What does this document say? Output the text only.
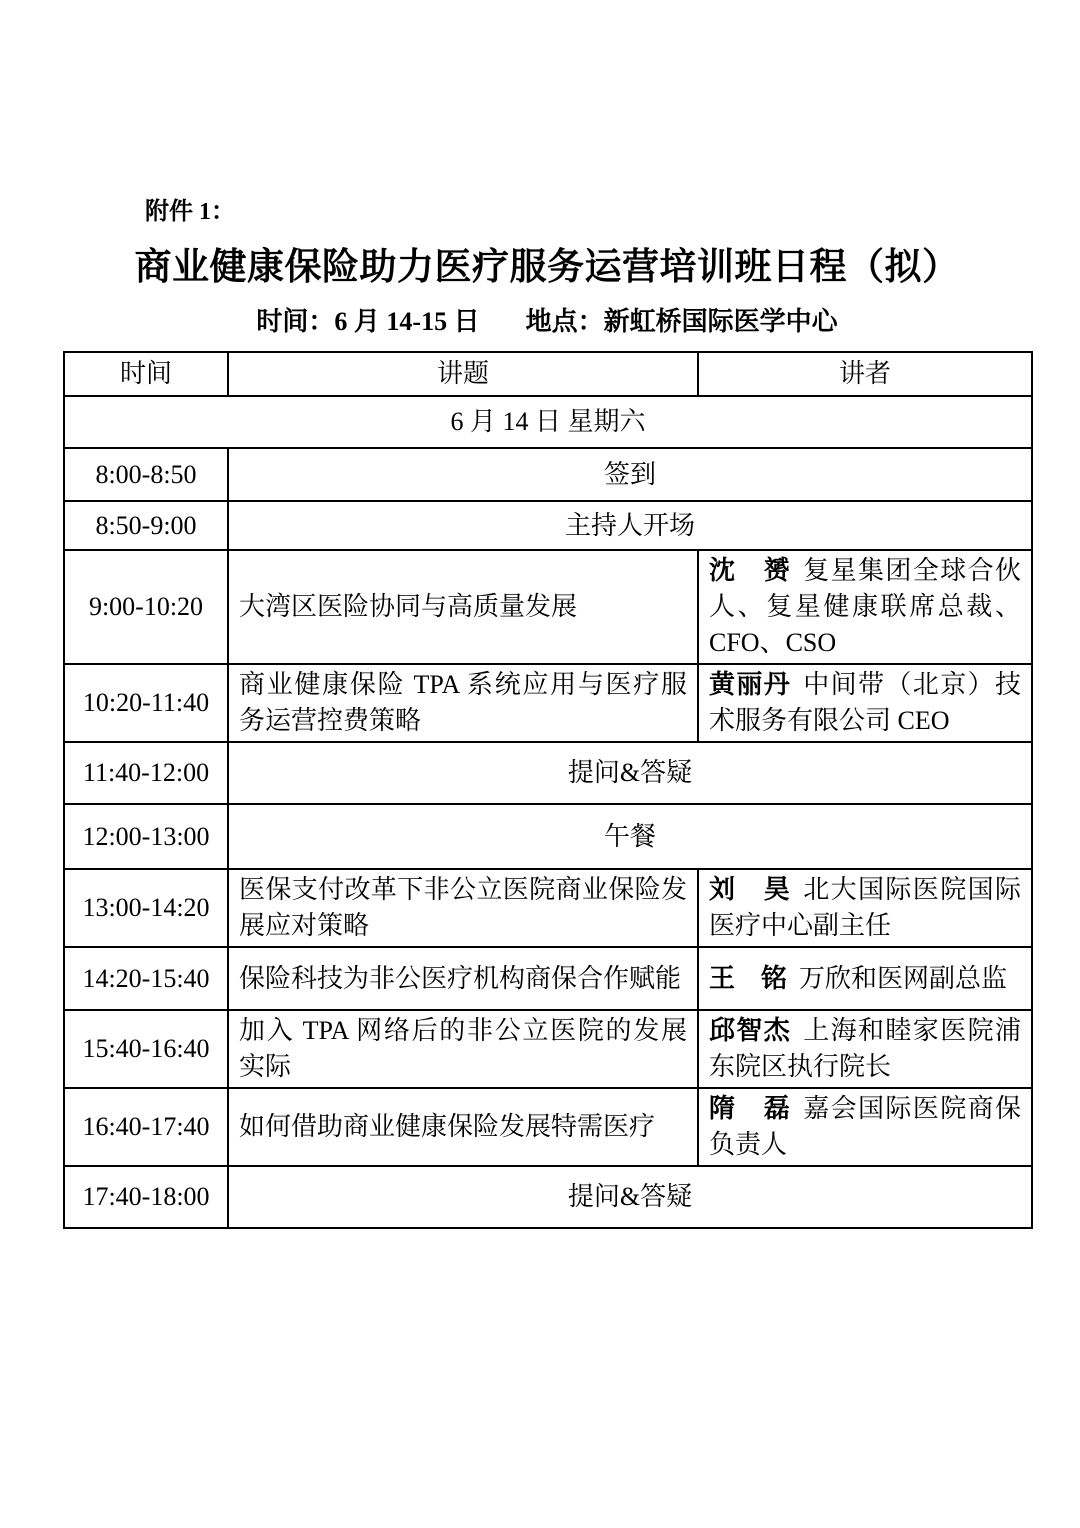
附件 1：
商业健康保险助力医疗服务运营培训班日程（拟）
时间：6 月 14-15 日 地点：新虹桥国际医学中心
时间	讲题	讲者
6 月 14 日 星期六		
8:00-8:50	签到	
8:50-9:00	主持人开场	
9:00-10:20	大湾区医险协同与高质量发展	沈　赟 复星集团全球合伙人、复星健康联席总裁、CFO、CSO
10:20-11:40	商业健康保险 TPA 系统应用与医疗服务运营控费策略	黄丽丹 中间带（北京）技术服务有限公司 CEO
11:40-12:00	提问&答疑	
12:00-13:00	午餐	
13:00-14:20	医保支付改革下非公立医院商业保险发展应对策略	刘　昊 北大国际医院国际医疗中心副主任
14:20-15:40	保险科技为非公医疗机构商保合作赋能	王　铭 万欣和医网副总监
15:40-16:40	加入 TPA 网络后的非公立医院的发展实际	邱智杰 上海和睦家医院浦东院区执行院长
16:40-17:40	如何借助商业健康保险发展特需医疗	隋　磊 嘉会国际医院商保负责人
17:40-18:00	提问&答疑	
